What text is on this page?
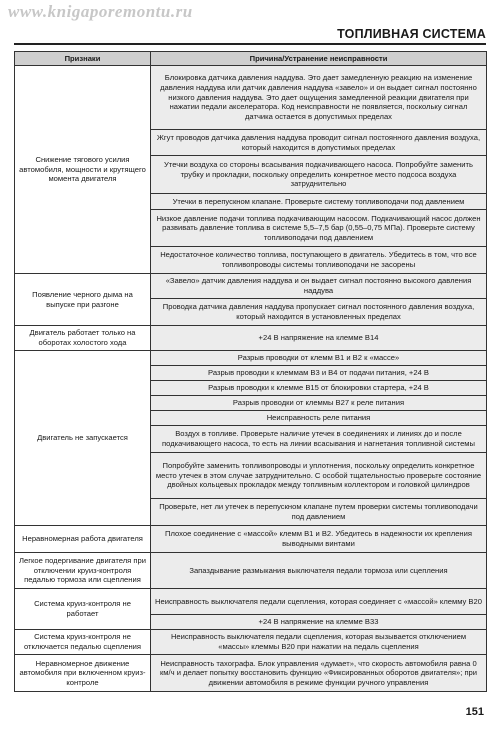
www.knigaporemontu.ru
ТОПЛИВНАЯ СИСТЕМА
Признаки	Причина/Устранение неисправности
Снижение тягового усилия автомобиля, мощности и крутящего момента двигателя	Блокировка датчика давления наддува. Это дает замедленную реакцию на изменение давления наддува или датчик давления наддува «завело» и он выдает сигнал постоянно низкого давления наддува. Это дает ощущения замедленной реакции двигателя при нажатии педали акселератора. Код неисправности не появляется, поскольку сигнал датчика остается в допустимых пределах
	Жгут проводов датчика давления наддува проводит сигнал постоянного давления воздуха, который находится в допустимых пределах
	Утечки воздуха со стороны всасывания подкачивающего насоса. Попробуйте заменить трубку и прокладки, поскольку определить конкретное место подсоса воздуха затруднительно
	Утечки в перепускном клапане. Проверьте систему топливоподачи под давлением
	Низкое давление подачи топлива подкачивающим насосом. Подкачивающий насос должен развивать давление топлива в системе 5,5–7,5 бар (0,55–0,75 МПа). Проверьте систему топливоподачи под давлением
	Недостаточное количество топлива, поступающего в двигатель. Убедитесь в том, что все топливопроводы системы топливоподачи не засорены
Появление черного дыма на выпуске при разгоне	«Завело» датчик давления наддува и он выдает сигнал постоянно высокого давления наддува
	Проводка датчика давления наддува пропускает сигнал постоянного давления воздуха, который находится в установленных пределах
Двигатель работает только на оборотах холостого хода	+24 В напряжение на клемме В14
Двигатель не запускается	Разрыв проводки от клемм В1 и В2 к «массе»
	Разрыв проводки к клеммам В3 и В4 от подачи питания, +24 В
	Разрыв проводки к клемме В15 от блокировки стартера, +24 В
	Разрыв проводки от клеммы В27 к реле питания
	Неисправность реле питания
	Воздух в топливе. Проверьте наличие утечек в соединениях и линиях до и после подкачивающего насоса, то есть на линии всасывания и нагнетания топливной системы
	Попробуйте заменить топливопроводы и уплотнения, поскольку определить конкретное место утечек в этом случае затруднительно. С особой тщательностью проверьте состояние двойных кольцевых прокладок между топливным коллектором и головкой цилиндров
	Проверьте, нет ли утечек в перепускном клапане путем проверки системы топливоподачи под давлением
Неравномерная работа двигателя	Плохое соединение с «массой» клемм В1 и В2. Убедитесь в надежности их крепления выводными винтами
Легкое подергивание двигателя при отключении круиз-контроля педалью тормоза или сцепления	Запаздывание размыкания выключателя педали тормоза или сцепления
Система круиз-контроля не работает	Неисправность выключателя педали сцепления, которая соединяет с «массой» клемму В20
	+24 В напряжение на клемме В33
Система круиз-контроля не отключается педалью сцепления	Неисправность выключателя педали сцепления, которая вызывается отключением «массы» клеммы В20 при нажатии на педаль сцепления
Неравномерное движение автомобиля при включенном круиз-контроле	Неисправность тахографа. Блок управления «думает», что скорость автомобиля равна 0 км/ч и делает попытку восстановить функцию «Фиксированных оборотов двигателя»; при движении автомобиля в режиме функции ручного управления
151
